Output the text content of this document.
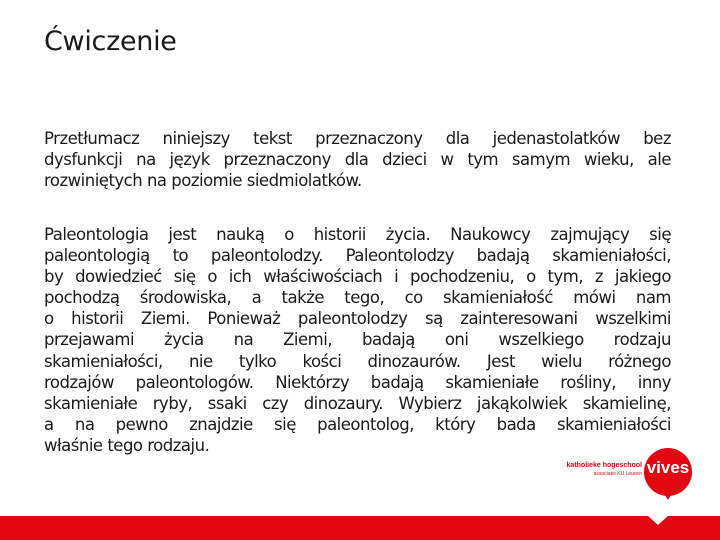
Ćwiczenie
Przetłumacz niniejszy tekst przeznaczony dla jedenastolatków bez
dysfunkcji na język przeznaczony dla dzieci w tym samym wieku, ale
rozwiniętych na poziomie siedmiolatków.
Paleontologia jest nauką o historii życia. Naukowcy zajmujący się
paleontologią to paleontolodzy. Paleontolodzy badają skamieniałości,
by dowiedzieć się o ich właściwościach i pochodzeniu, o tym, z jakiego
pochodzą środowiska, a także tego, co skamieniałość mówi nam
o historii Ziemi. Ponieważ paleontolodzy są zainteresowani wszelkimi
przejawami życia na Ziemi, badają oni wszelkiego rodzaju
skamieniałości, nie tylko kości dinozaurów. Jest wielu różnego
rodzajów paleontologów. Niektórzy badają skamieniałe rośliny, inny
skamieniałe ryby, ssaki czy dinozaury. Wybierz jakąkolwiek skamielinę,
a na pewno znajdzie się paleontolog, który bada skamieniałości
właśnie tego rodzaju.
katholieke hogeschool
associatie KU Leuven vives
